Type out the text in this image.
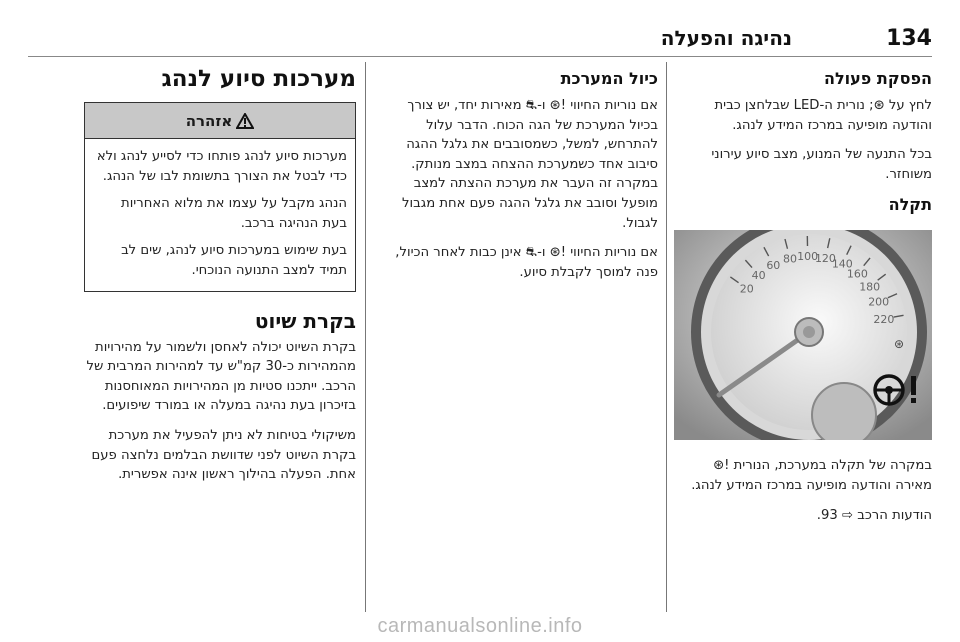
134
נהיגה והפעלה
הפסקת פעולה

לחץ על ⊛; נורית ה-LED שבלחצן כבית והודעה מופיעה במרכז המידע לנהג.

בכל התנעה של המנוע, מצב סיוע עירוני משוחזר.

תקלה
20
40
60 80 100
120
140
160
180
200
220
⊛

במקרה של תקלה במערכת, הנורית !⊛ מאירה והודעה מופיעה במרכז המידע לנהג.

הודעות הרכב ⇨ 93.

כיול המערכת

אם נוריות החיווי !⊛ ו-⛐ מאירות יחד, יש צורך בכיול המערכת של הגה הכוח. הדבר עלול להתרחש, למשל, כשמסובבים את גלגל ההגה סיבוב אחד כשמערכת ההצחה במצב מנותק. במקרה זה העבר את מערכת ההצתה למצב מופעל וסובב את גלגל ההגה פעם אחת מגבול לגבול.

אם נוריות החיווי !⊛ ו-⛐ אינן כבות לאחר הכיול, פנה למוסך לקבלת סיוע.

מערכות סיוע לנהג
אזהרה

מערכות סיוע לנהג פותחו כדי לסייע לנהג ולא כדי לבטל את הצורך בתשומת לבו של הנהג.

הנהג מקבל על עצמו את מלוא האחריות בעת הנהיגה ברכב.

בעת שימוש במערכות סיוע לנהג, שים לב תמיד למצב התנועה הנוכחי.

בקרת שיוט

בקרת השיוט יכולה לאחסן ולשמור על מהירויות מהמהירות כ-30 קמ"ש עד למהירות המרבית של הרכב. ייתכנו סטיות מן המהירויות המאוחסנות בזיכרון בעת נהיגה במעלה או במורד שיפועים.

משיקולי בטיחות לא ניתן להפעיל את מערכת בקרת השיוט לפני שדוושת הבלמים נלחצה פעם אחת. הפעלה בהילוך ראשון אינה אפשרית.

carmanualsonline.info
